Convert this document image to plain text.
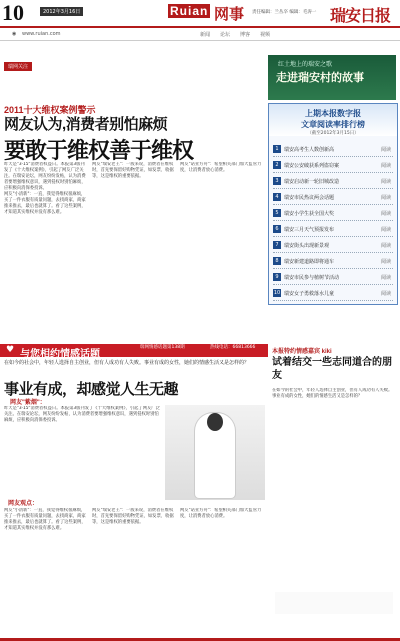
10	2012年3月16日	Ruian 网事 责任编辑：兰丛卒 编辑：毛涛一 瑞安日报
◉ www.ruian.com	新闻 论坛 博客 视频
瑞网关注
2011十大维权案例警示
网友认为,消费者别怕麻烦
要敢于维权善于维权

昨天是"3·15"消费者权益日。本报第3版刊发了《十大维权案例》，引起了网友广泛关注。在瑞安论坛，网友纷纷发帖，认为消费者要增强维权意识，遇到侵权时别怕麻烦，应积极向消保委投诉。

网友"小清新"：一直，我觉得维权很麻烦，买了一件衣服有质量问题，去找商家，商家推来推去，最后也就算了。看了这些案例，才知道其实维权并没有那么难。

网友"瑞安老王"：一般来说，消费者在维权时，首先要保留好购物凭证，如发票、收据等，这是维权的重要依据。

网友"诺亚方舟"：希望相关部门加大监管力度，让消费者放心消费。

红土地上的瑞安之歌
走进瑞安村的故事
上期本报数字报
文章阅读率排行榜
（截至2012年3月15日）
1	瑞安高考生人数创新高	阅读
2	瑞安公安破获系列盗窃案	阅读
3	瑞安启动新一轮旧城改造	阅读
4	瑞安市民热议两会话题	阅读
5	瑞安小学生获全国大奖	阅读
6	瑞安三月天气预报发布	阅读
7	瑞安街头出现新景观	阅读
8	瑞安新建道路即将通车	阅读
9	瑞安市民参与植树节活动	阅读
10 瑞安女子勇救落水儿童	阅读
♥ 与您相约情感话题
瑞网情感话题第138期	热线电话：66813666
在如今的社会中，年轻人选择自主创业，但有人成功有人失败。事业有成的女性，她们的情感生活又是怎样的？
事业有成，却感觉人生无趣
网友"紫烟"：

昨天是"3·15"消费者权益日。本报第3版刊发了《十大维权案例》，引起了网友广泛关注。在瑞安论坛，网友纷纷发帖，认为消费者要增强维权意识，遇到侵权时别怕麻烦，应积极向消保委投诉。

网友观点：

网友"小清新"：一直，我觉得维权很麻烦，买了一件衣服有质量问题，去找商家，商家推来推去，最后也就算了。看了这些案例，才知道其实维权并没有那么难。

网友"瑞安老王"：一般来说，消费者在维权时，首先要保留好购物凭证，如发票、收据等，这是维权的重要依据。

网友"诺亚方舟"：希望相关部门加大监管力度，让消费者放心消费。

本报特约情感嘉宾 kiki
试着结交一些志同道合的朋友

在如今的社会中，年轻人选择自主创业，但有人成功有人失败。事业有成的女性，她们的情感生活又是怎样的？
